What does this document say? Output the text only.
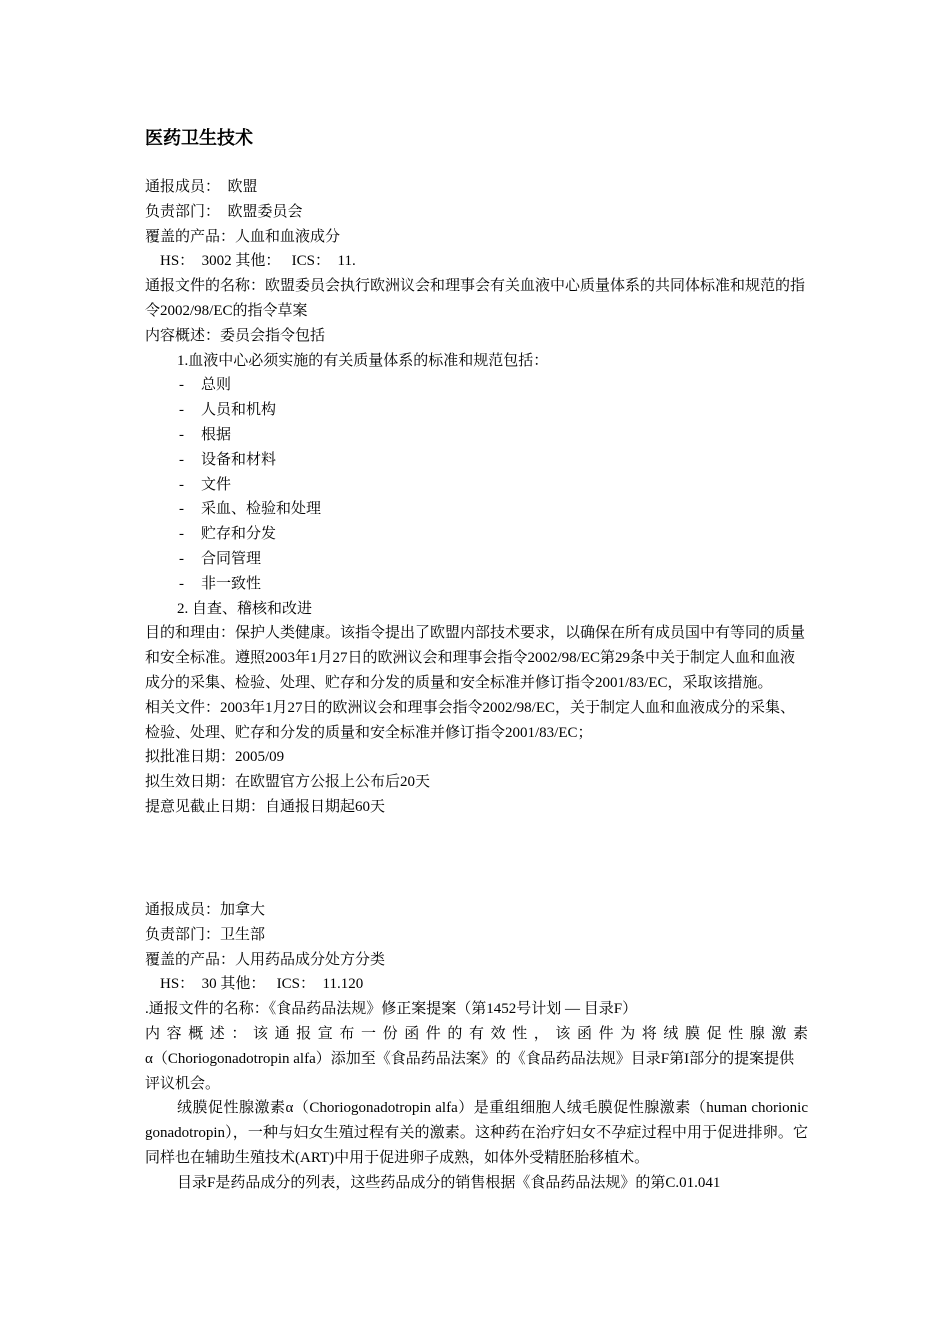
医药卫生技术
通报成员：　欧盟
负责部门：　欧盟委员会
覆盖的产品：人血和血液成分
HS：　3002 其他：　 ICS：　11.
通报文件的名称：欧盟委员会执行欧洲议会和理事会有关血液中心质量体系的共同体标准和规范的指令2002/98/EC的指令草案
内容概述：委员会指令包括
1.血液中心必须实施的有关质量体系的标准和规范包括：
- 总则
- 人员和机构
- 根据
- 设备和材料
- 文件
- 采血、检验和处理
- 贮存和分发
- 合同管理
- 非一致性
2. 自查、稽核和改进
目的和理由：保护人类健康。该指令提出了欧盟内部技术要求，以确保在所有成员国中有等同的质量和安全标准。遵照2003年1月27日的欧洲议会和理事会指令2002/98/EC第29条中关于制定人血和血液成分的采集、检验、处理、贮存和分发的质量和安全标准并修订指令2001/83/EC，采取该措施。
相关文件：2003年1月27日的欧洲议会和理事会指令2002/98/EC，关于制定人血和血液成分的采集、检验、处理、贮存和分发的质量和安全标准并修订指令2001/83/EC；
拟批准日期：2005/09
拟生效日期：在欧盟官方公报上公布后20天
提意见截止日期：自通报日期起60天
通报成员：加拿大
负责部门：卫生部
覆盖的产品：人用药品成分处方分类
HS：　30 其他：　 ICS：　11.120
.通报文件的名称：《食品药品法规》修正案提案（第1452号计划 — 目录F）
内 容 概 述 ： 该 通 报 宣 布 一 份 函 件 的 有 效 性 ， 该 函 件 为 将 绒 膜 促 性 腺 激 素
α（Choriogonadotropin alfa）添加至《食品药品法案》的《食品药品法规》目录F第I部分的提案提供评议机会。
绒膜促性腺激素α（Choriogonadotropin alfa）是重组细胞人绒毛膜促性腺激素（human chorionic gonadotropin），一种与妇女生殖过程有关的激素。这种药在治疗妇女不孕症过程中用于促进排卵。它同样也在辅助生殖技术(ART)中用于促进卵子成熟，如体外受精胚胎移植术。
目录F是药品成分的列表，这些药品成分的销售根据《食品药品法规》的第C.01.041
